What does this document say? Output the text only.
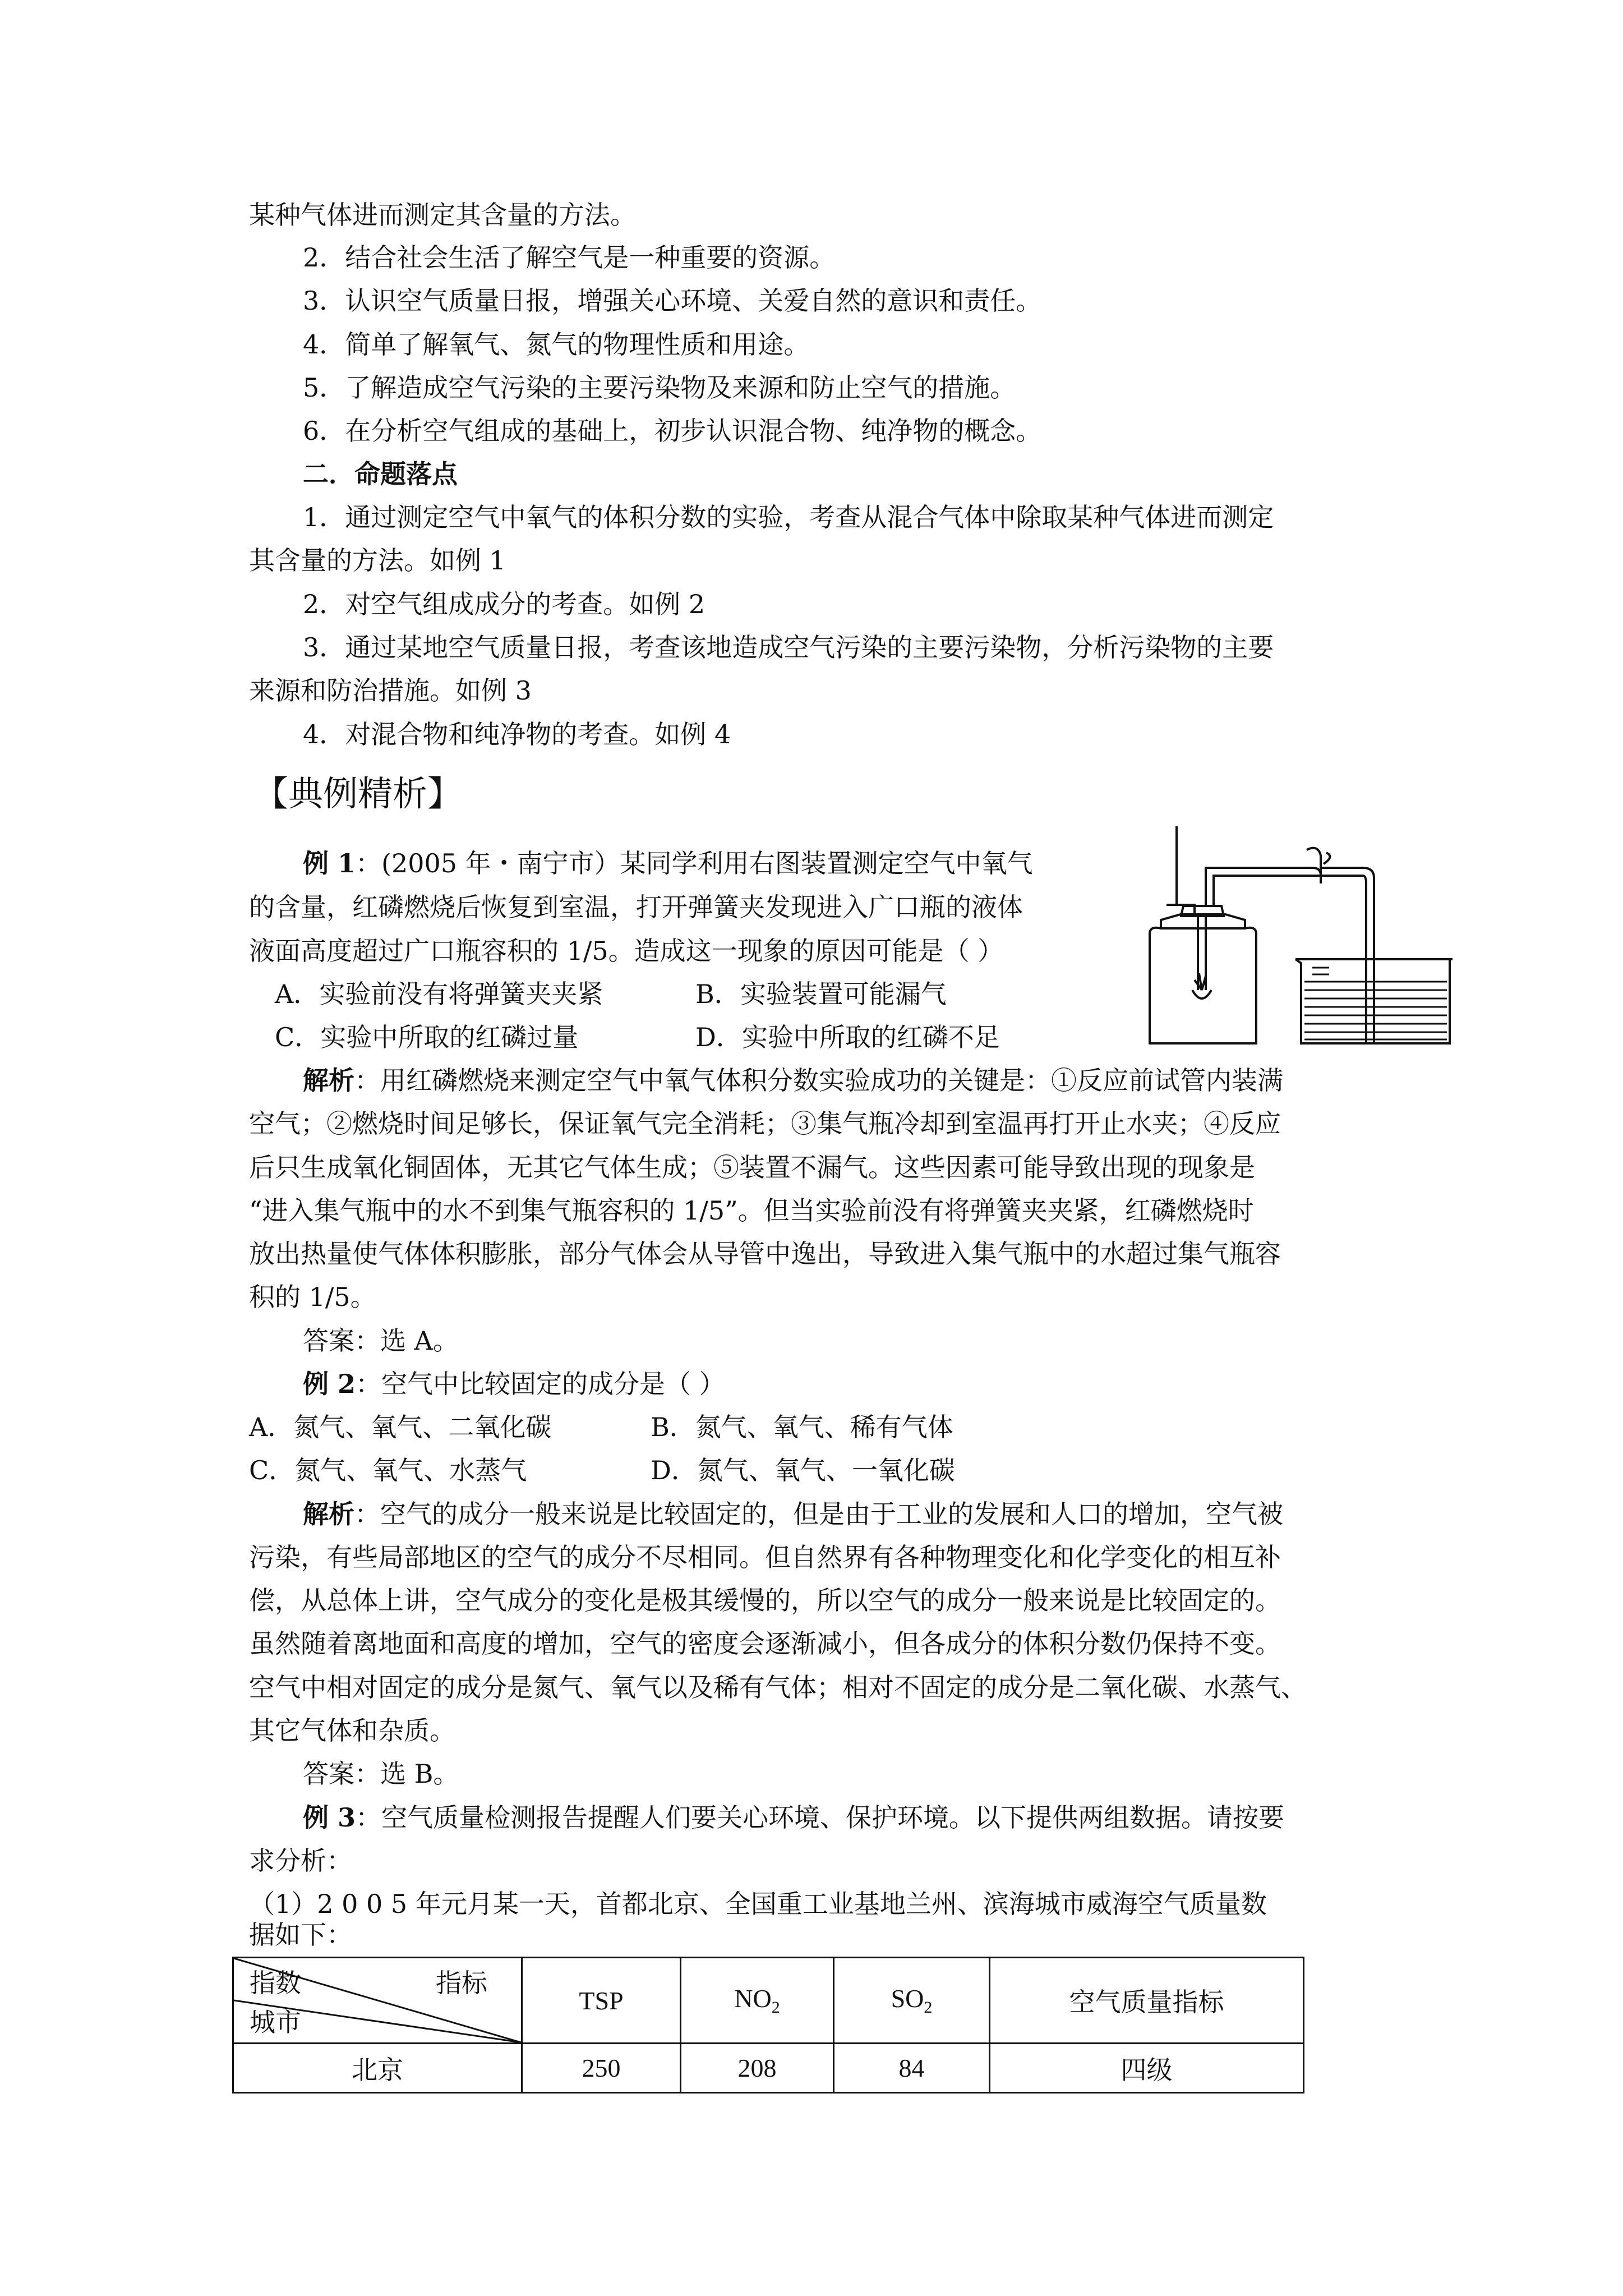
某种气体进而测定其含量的方法。
2．结合社会生活了解空气是一种重要的资源。
3．认识空气质量日报，增强关心环境、关爱自然的意识和责任。
4．简单了解氧气、氮气的物理性质和用途。
5．了解造成空气污染的主要污染物及来源和防止空气的措施。
6．在分析空气组成的基础上，初步认识混合物、纯净物的概念。
二．命题落点
1．通过测定空气中氧气的体积分数的实验，考查从混合气体中除取某种气体进而测定
其含量的方法。如例 1
2．对空气组成成分的考查。如例 2
3．通过某地空气质量日报，考查该地造成空气污染的主要污染物，分析污染物的主要
来源和防治措施。如例 3
4．对混合物和纯净物的考查。如例 4
【典例精析】
例 1：(2005 年・南宁市）某同学利用右图装置测定空气中氧气
的含量，红磷燃烧后恢复到室温，打开弹簧夹发现进入广口瓶的液体
液面高度超过广口瓶容积的 1/5。造成这一现象的原因可能是（ ）
A．实验前没有将弹簧夹夹紧	B．实验装置可能漏气
C．实验中所取的红磷过量	D．实验中所取的红磷不足
解析：用红磷燃烧来测定空气中氧气体积分数实验成功的关键是：①反应前试管内装满
空气；②燃烧时间足够长，保证氧气完全消耗；③集气瓶冷却到室温再打开止水夹；④反应
后只生成氧化铜固体，无其它气体生成；⑤装置不漏气。这些因素可能导致出现的现象是
“进入集气瓶中的水不到集气瓶容积的 1/5”。但当实验前没有将弹簧夹夹紧，红磷燃烧时
放出热量使气体体积膨胀，部分气体会从导管中逸出，导致进入集气瓶中的水超过集气瓶容
积的 1/5。
答案：选 A。
例 2：空气中比较固定的成分是（ ）
A．氮气、氧气、二氧化碳	B．氮气、氧气、稀有气体
C．氮气、氧气、水蒸气	D．氮气、氧气、一氧化碳
解析：空气的成分一般来说是比较固定的，但是由于工业的发展和人口的增加，空气被
污染，有些局部地区的空气的成分不尽相同。但自然界有各种物理变化和化学变化的相互补
偿，从总体上讲，空气成分的变化是极其缓慢的，所以空气的成分一般来说是比较固定的。
虽然随着离地面和高度的增加，空气的密度会逐渐减小，但各成分的体积分数仍保持不变。
空气中相对固定的成分是氮气、氧气以及稀有气体；相对不固定的成分是二氧化碳、水蒸气、
其它气体和杂质。
答案：选 B。
例 3：空气质量检测报告提醒人们要关心环境、保护环境。以下提供两组数据。请按要
求分析：
（1）2 0 0 5 年元月某一天，首都北京、全国重工业基地兰州、滨海城市威海空气质量数
据如下：
指数 指标
城市	TSP	$NO_2$	$SO_2$	空气质量指标
北京	250	208	84	四级
